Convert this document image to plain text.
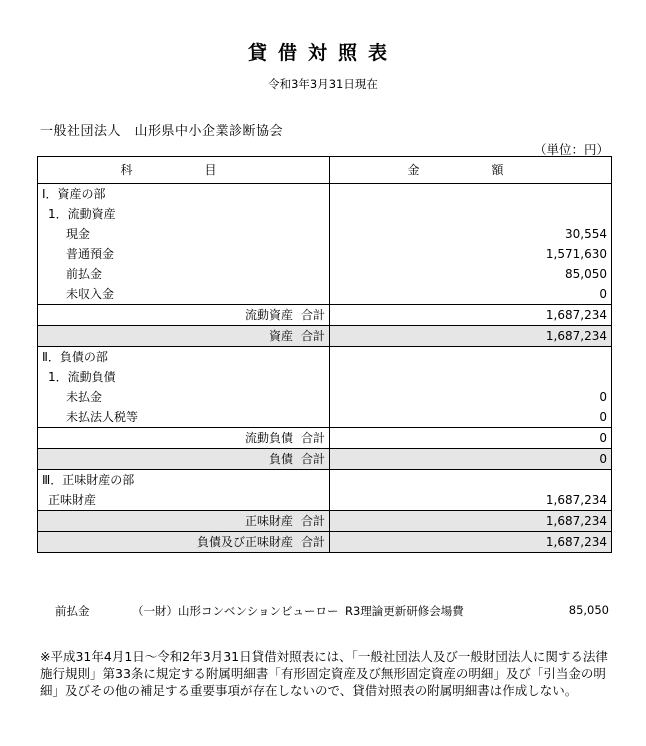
貸借対照表
令和3年3月31日現在
一般社団法人　山形県中小企業診断協会
（単位：円）
科　目	金　額
Ⅰ．資産の部	
1．流動資産	
現金	30,554
普通預金	1,571,630
前払金	85,050
未収入金	0
流動資産 合計	1,687,234
資産 合計	1,687,234
Ⅱ．負債の部	
1．流動負債	
未払金	0
未払法人税等	0
流動負債 合計	0
負債 合計	0
Ⅲ．正味財産の部	
正味財産	1,687,234
正味財産 合計	1,687,234
負債及び正味財産 合計	1,687,234
前払金	（一財）山形コンベンションビューロー R3理論更新研修会場費	85,050
※平成31年4月1日～令和2年3月31日貸借対照表には、「一般社団法人及び一般財団法人に関する法律施行規則」第33条に規定する附属明細書「有形固定資産及び無形固定資産の明細」及び「引当金の明細」及びその他の補足する重要事項が存在しないので、貸借対照表の附属明細書は作成しない。
